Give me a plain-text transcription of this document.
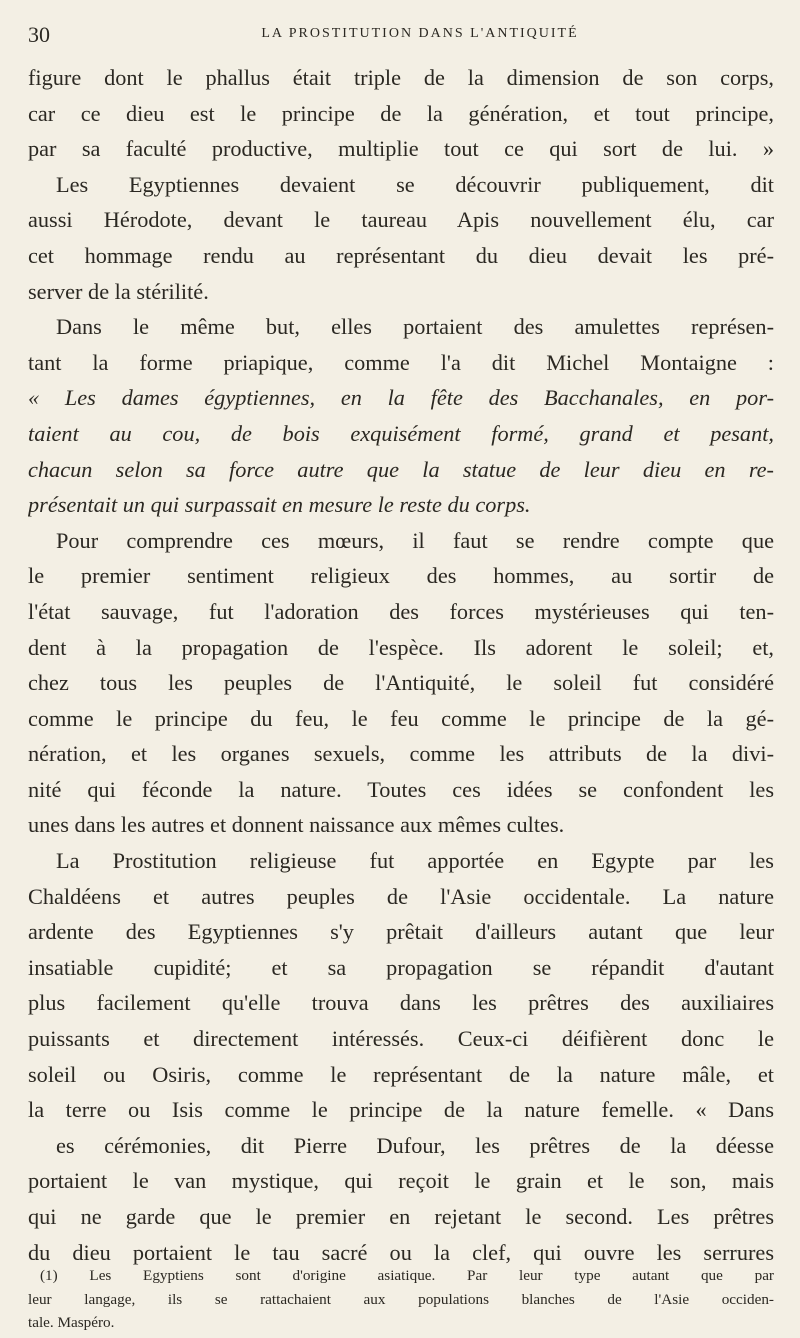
30	LA PROSTITUTION DANS L'ANTIQUITÉ
figure dont le phallus était triple de la dimension de son corps,
car ce dieu est le principe de la génération, et tout principe,
par sa faculté productive, multiplie tout ce qui sort de lui. »
Les Egyptiennes devaient se découvrir publiquement, dit
aussi Hérodote, devant le taureau Apis nouvellement élu, car
cet hommage rendu au représentant du dieu devait les pré-
server de la stérilité.
Dans le même but, elles portaient des amulettes représen-
tant la forme priapique, comme l'a dit Michel Montaigne :
« Les dames égyptiennes, en la fête des Bacchanales, en por-
taient au cou, de bois exquisément formé, grand et pesant,
chacun selon sa force autre que la statue de leur dieu en re-
présentait un qui surpassait en mesure le reste du corps.
Pour comprendre ces mœurs, il faut se rendre compte que
le premier sentiment religieux des hommes, au sortir de
l'état sauvage, fut l'adoration des forces mystérieuses qui ten-
dent à la propagation de l'espèce. Ils adorent le soleil; et,
chez tous les peuples de l'Antiquité, le soleil fut considéré
comme le principe du feu, le feu comme le principe de la gé-
nération, et les organes sexuels, comme les attributs de la divi-
nité qui féconde la nature. Toutes ces idées se confondent les
unes dans les autres et donnent naissance aux mêmes cultes.
La Prostitution religieuse fut apportée en Egypte par les
Chaldéens et autres peuples de l'Asie occidentale. La nature
ardente des Egyptiennes s'y prêtait d'ailleurs autant que leur
insatiable cupidité; et sa propagation se répandit d'autant
plus facilement qu'elle trouva dans les prêtres des auxiliaires
puissants et directement intéressés. Ceux-ci déifièrent donc le
soleil ou Osiris, comme le représentant de la nature mâle, et
la terre ou Isis comme le principe de la nature femelle. « Dans
es cérémonies, dit Pierre Dufour, les prêtres de la déesse
portaient le van mystique, qui reçoit le grain et le son, mais
qui ne garde que le premier en rejetant le second. Les prêtres
du dieu portaient le tau sacré ou la clef, qui ouvre les serrures
(1) Les Egyptiens sont d'origine asiatique. Par leur type autant que par
leur langage, ils se rattachaient aux populations blanches de l'Asie occiden-
tale. Maspéro.
